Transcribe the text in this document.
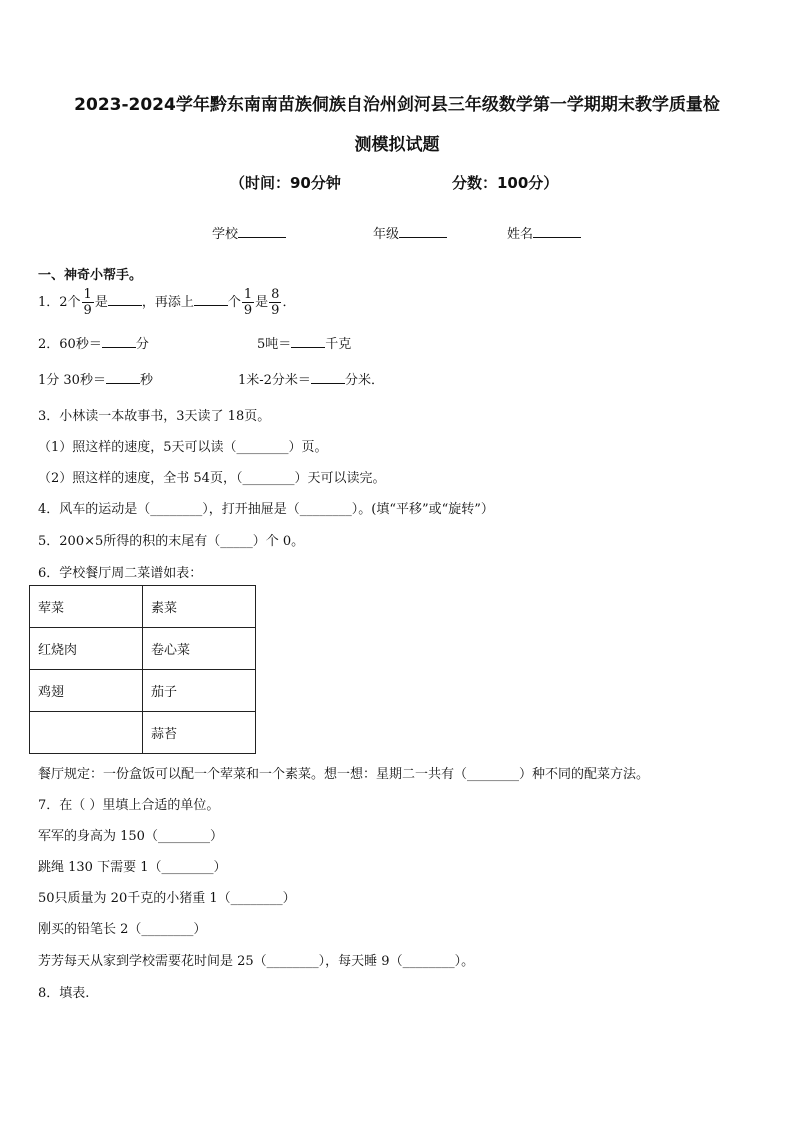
2023-2024学年黔东南南苗族侗族自治州剑河县三年级数学第一学期期末教学质量检
测模拟试题
（时间：90分钟	分数：100分）
学校	年级	姓名
一、神奇小帮手。
1．2个 $\frac{1}{9}$ 是	，再添上	个 $\frac{1}{9}$ 是 $\frac{8}{9}$ ．
2．60秒＝	分	5吨＝	千克
1分 30秒＝	秒	1米-2分米＝	分米．
3．小林读一本故事书，3天读了 18页。
（1）照这样的速度，5天可以读（________）页。
（2）照这样的速度，全书 54页，（________）天可以读完。
4．风车的运动是（________），打开抽屉是（________）。(填“平移”或“旋转”）
5．200×5所得的积的末尾有（_____）个 0。
6．学校餐厅周二菜谱如表：
荤菜	素菜
红烧肉	卷心菜
鸡翅	茄子
	蒜苔
餐厅规定：一份盒饭可以配一个荤菜和一个素菜。想一想：星期二一共有（________）种不同的配菜方法。
7．在（ ）里填上合适的单位。
军军的身高为 150（________）
跳绳 130 下需要 1（________）
50只质量为 20千克的小猪重 1（________）
刚买的铅笔长 2（________）
芳芳每天从家到学校需要花时间是 25（________），每天睡 9（________）。
8．填表.
